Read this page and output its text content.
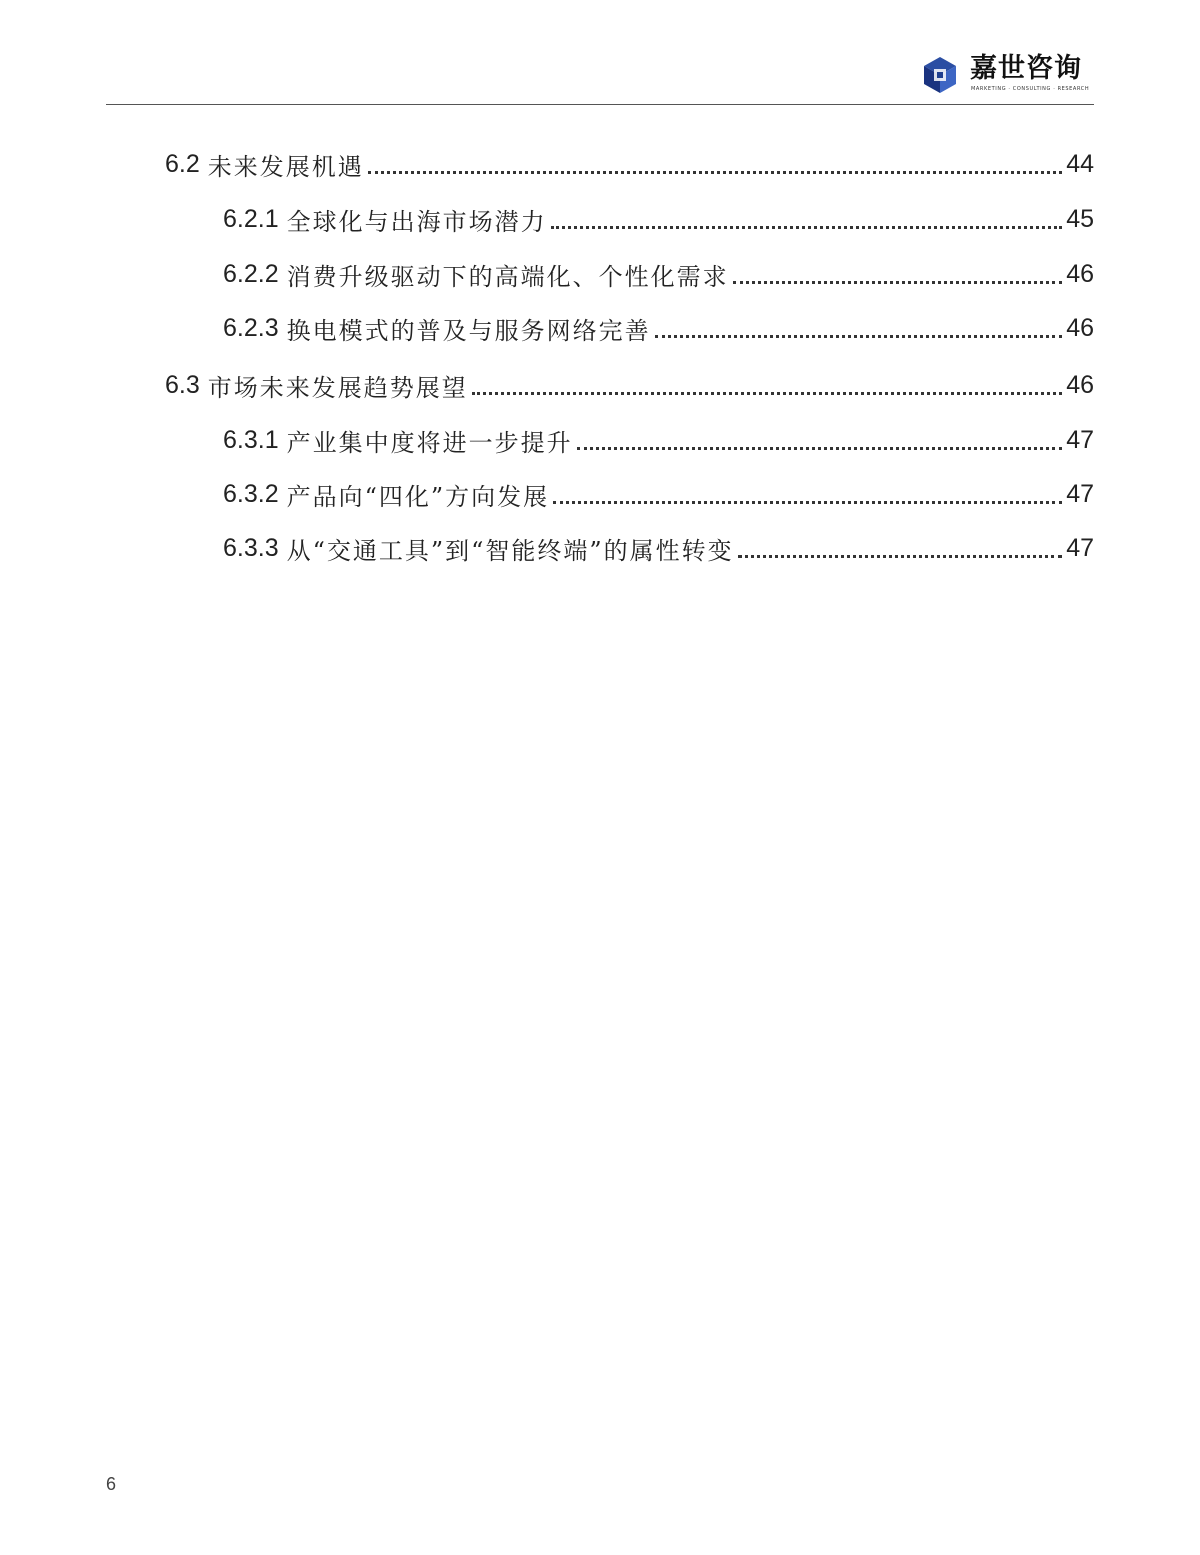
嘉世咨询
MARKETING · CONSULTING · RESEARCH
6.2 未来发展机遇	44
6.2.1 全球化与出海市场潜力	45
6.2.2 消费升级驱动下的高端化、个性化需求	46
6.2.3 换电模式的普及与服务网络完善	46
6.3 市场未来发展趋势展望	46
6.3.1 产业集中度将进一步提升	47
6.3.2 产品向“四化”方向发展	47
6.3.3 从“交通工具”到“智能终端”的属性转变	47
6
